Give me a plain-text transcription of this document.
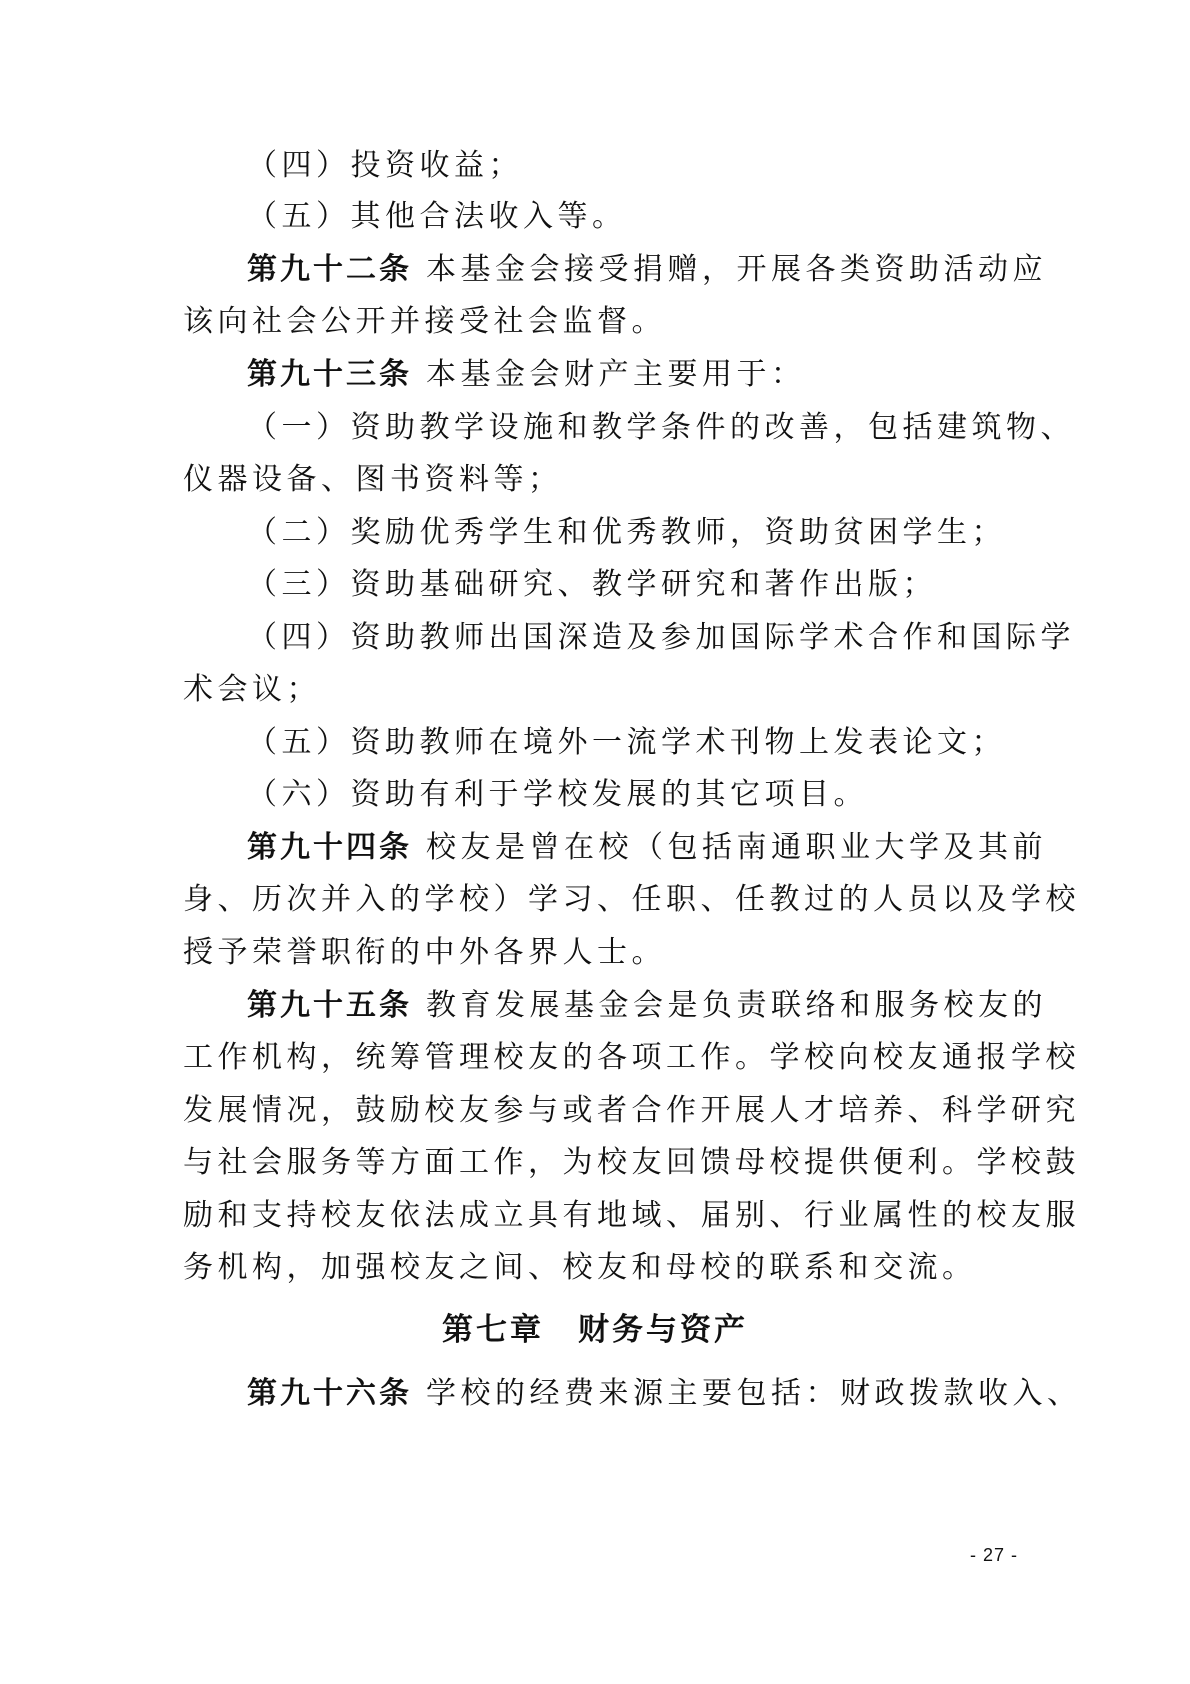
（四）投资收益；
（五）其他合法收入等。
第九十二条 本基金会接受捐赠，开展各类资助活动应
该向社会公开并接受社会监督。
第九十三条 本基金会财产主要用于：
（一）资助教学设施和教学条件的改善，包括建筑物、
仪器设备、图书资料等；
（二）奖励优秀学生和优秀教师，资助贫困学生；
（三）资助基础研究、教学研究和著作出版；
（四）资助教师出国深造及参加国际学术合作和国际学
术会议；
（五）资助教师在境外一流学术刊物上发表论文；
（六）资助有利于学校发展的其它项目。
第九十四条 校友是曾在校（包括南通职业大学及其前
身、历次并入的学校）学习、任职、任教过的人员以及学校
授予荣誉职衔的中外各界人士。
第九十五条 教育发展基金会是负责联络和服务校友的
工作机构，统筹管理校友的各项工作。学校向校友通报学校
发展情况，鼓励校友参与或者合作开展人才培养、科学研究
与社会服务等方面工作，为校友回馈母校提供便利。学校鼓
励和支持校友依法成立具有地域、届别、行业属性的校友服
务机构，加强校友之间、校友和母校的联系和交流。
第七章 财务与资产
第九十六条 学校的经费来源主要包括：财政拨款收入、
- 27 -
